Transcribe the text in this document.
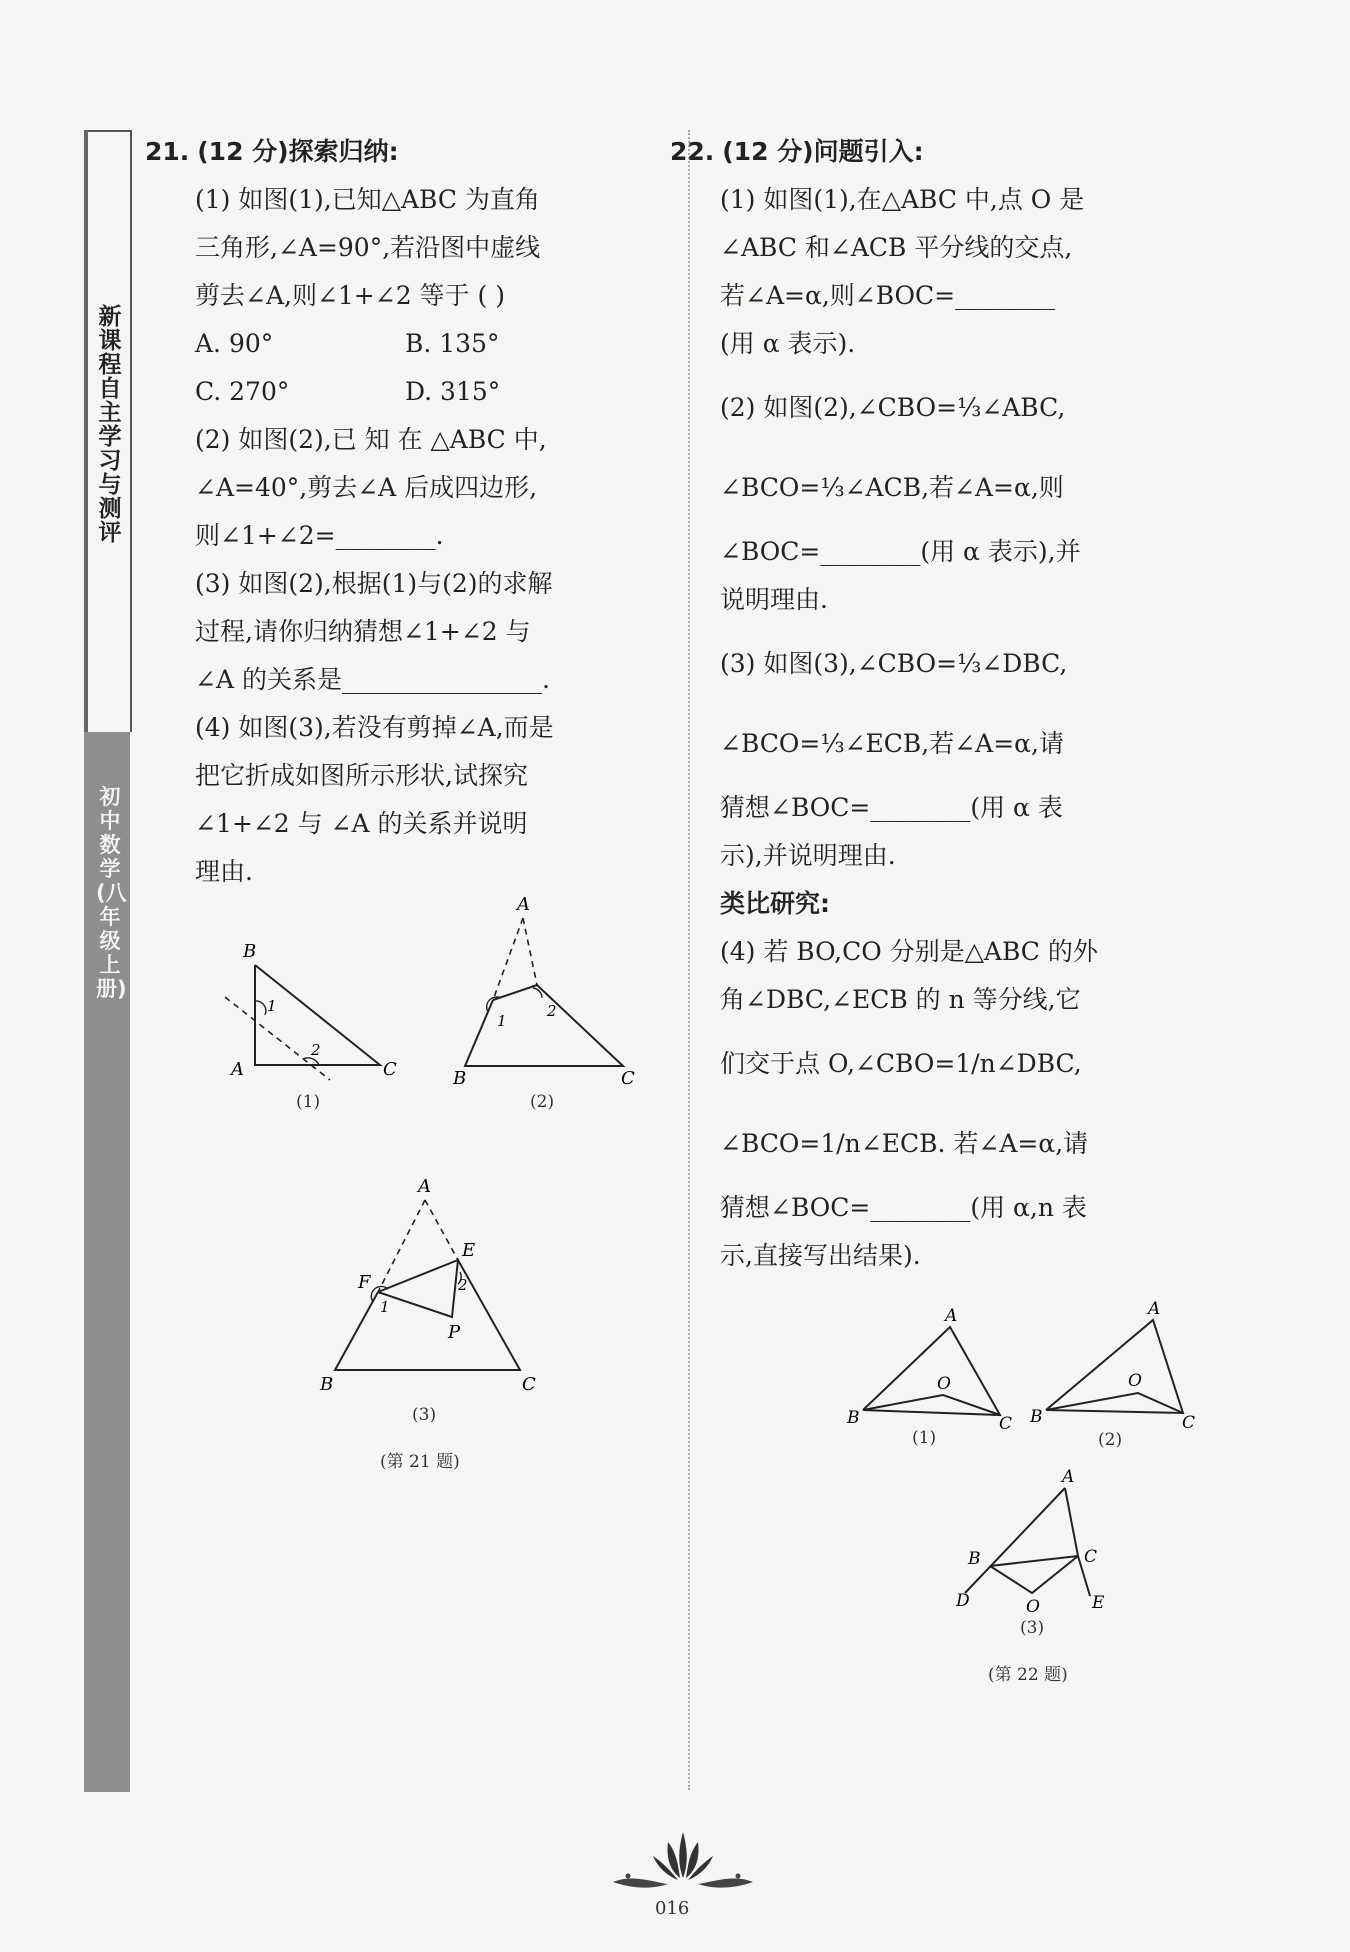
新课程自主学习与测评
初中数学(八年级上册)
21. (12 分)探索归纳:
(1) 如图(1),已知△ABC 为直角
三角形,∠A=90°,若沿图中虚线
剪去∠A,则∠1+∠2 等于 ( )
A. 90°	B. 135°
C. 270°	D. 315°
(2) 如图(2),已 知 在 △ABC 中,
∠A=40°,剪去∠A 后成四边形,
则∠1+∠2=________.
(3) 如图(2),根据(1)与(2)的求解
过程,请你归纳猜想∠1+∠2 与
∠A 的关系是________________.
(4) 如图(3),若没有剪掉∠A,而是
把它折成如图所示形状,试探究
∠1+∠2 与 ∠A 的关系并说明
理由.
B
A	C
1
2
(1)
A
B	C
1
2
(2)
A
F
E
P
B	C
1
2
(3)
(第 21 题)
22. (12 分)问题引入:
(1) 如图(1),在△ABC 中,点 O 是
∠ABC 和∠ACB 平分线的交点,
若∠A=α,则∠BOC=________
(用 α 表示).
(2) 如图(2),∠CBO=⅓∠ABC,
∠BCO=⅓∠ACB,若∠A=α,则
∠BOC=________(用 α 表示),并
说明理由.
(3) 如图(3),∠CBO=⅓∠DBC,
∠BCO=⅓∠ECB,若∠A=α,请
猜想∠BOC=________(用 α 表
示),并说明理由.
类比研究:
(4) 若 BO,CO 分别是△ABC 的外
角∠DBC,∠ECB 的 n 等分线,它
们交于点 O,∠CBO=1/n∠DBC,
∠BCO=1/n∠ECB. 若∠A=α,请
猜想∠BOC=________(用 α,n 表
示,直接写出结果).
A
B	C
O
(1)
A
B	C
O
(2)
A
B	C
D	O	E
(3)
(第 22 题)
016
